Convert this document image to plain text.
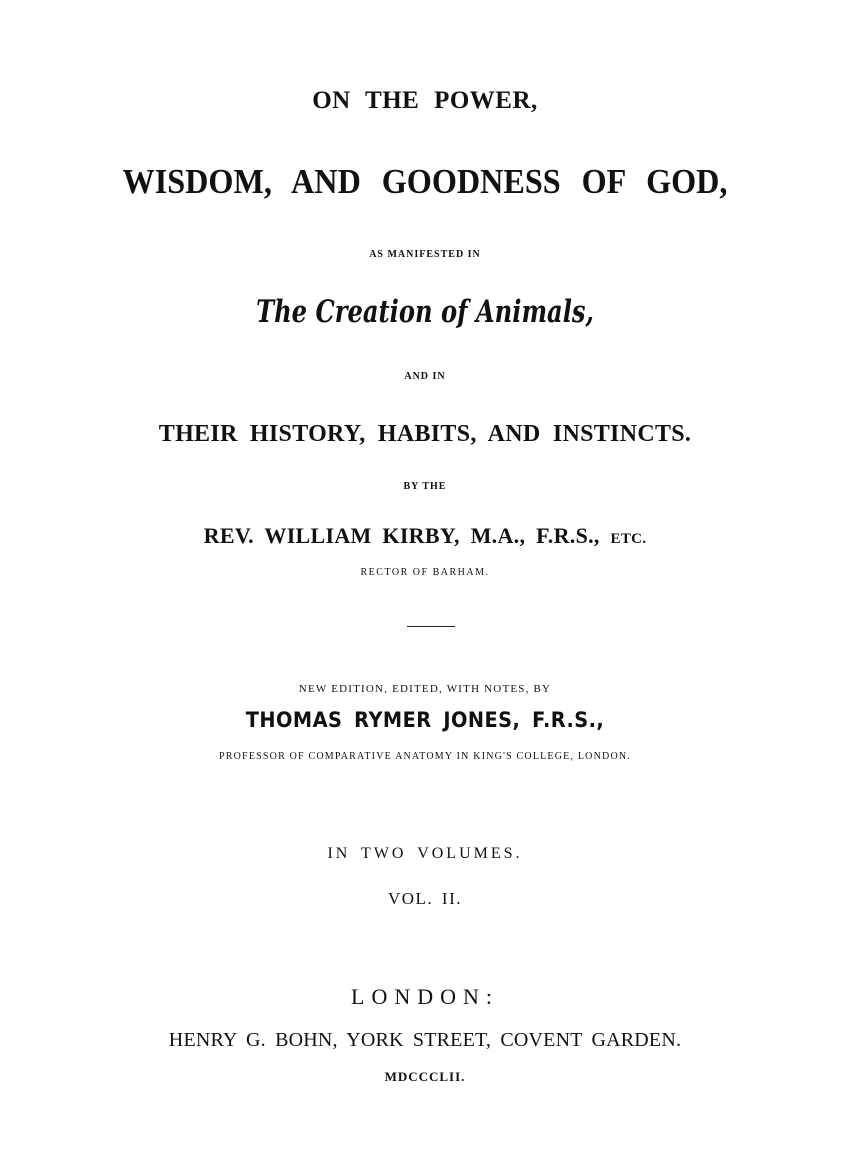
ON THE POWER,

WISDOM, AND GOODNESS OF GOD,

AS MANIFESTED IN

The Creation of Animals,

AND IN

THEIR HISTORY, HABITS, AND INSTINCTS.

BY THE

REV. WILLIAM KIRBY, M.A., F.R.S., ETC.

RECTOR OF BARHAM.

NEW EDITION, EDITED, WITH NOTES, BY

THOMAS RYMER JONES, F.R.S.,

PROFESSOR OF COMPARATIVE ANATOMY IN KING'S COLLEGE, LONDON.

IN TWO VOLUMES.

VOL. II.

LONDON:

HENRY G. BOHN, YORK STREET, COVENT GARDEN.

MDCCCLII.
